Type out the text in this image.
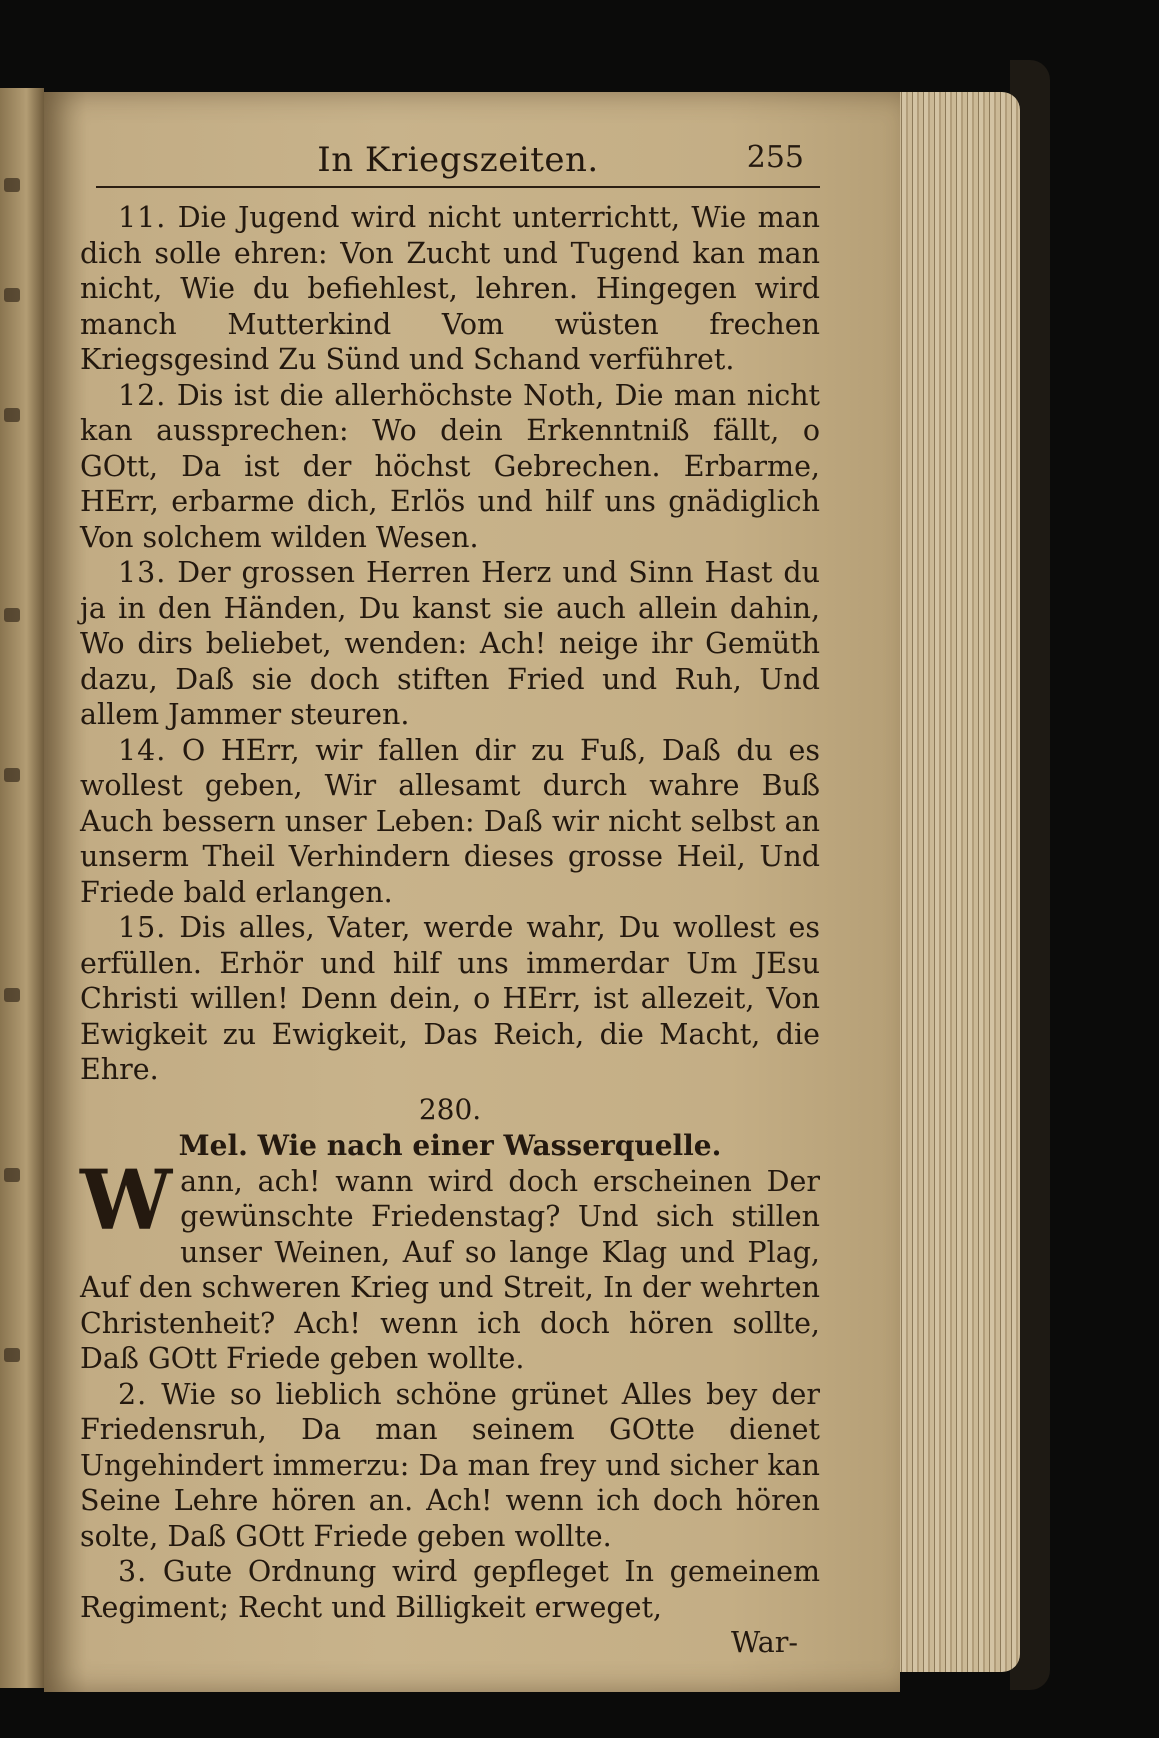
In Kriegszeiten.	255

11. Die Jugend wird nicht unterrichtt, Wie man dich solle ehren: Von Zucht und Tugend kan man nicht, Wie du befiehlest, lehren. Hingegen wird manch Mutterkind Vom wüsten frechen Kriegsgesind Zu Sünd und Schand verführet.

12. Dis ist die allerhöchste Noth, Die man nicht kan aussprechen: Wo dein Erkenntniß fällt, o GOtt, Da ist der höchst Gebrechen. Erbarme, HErr, erbarme dich, Erlös und hilf uns gnädiglich Von solchem wilden Wesen.

13. Der grossen Herren Herz und Sinn Hast du ja in den Händen, Du kanst sie auch allein dahin, Wo dirs beliebet, wenden: Ach! neige ihr Gemüth dazu, Daß sie doch stiften Fried und Ruh, Und allem Jammer steuren.

14. O HErr, wir fallen dir zu Fuß, Daß du es wollest geben, Wir allesamt durch wahre Buß Auch bessern unser Leben: Daß wir nicht selbst an unserm Theil Verhindern dieses grosse Heil, Und Friede bald erlangen.

15. Dis alles, Vater, werde wahr, Du wollest es erfüllen. Erhör und hilf uns immerdar Um JEsu Christi willen! Denn dein, o HErr, ist allezeit, Von Ewigkeit zu Ewigkeit, Das Reich, die Macht, die Ehre.

280.
Mel. Wie nach einer Wasserquelle.

Wann, ach! wann wird doch erscheinen Der gewünschte Friedenstag? Und sich stillen unser Weinen, Auf so lange Klag und Plag, Auf den schweren Krieg und Streit, In der wehrten Christenheit? Ach! wenn ich doch hören sollte, Daß GOtt Friede geben wollte.

2. Wie so lieblich schöne grünet Alles bey der Friedensruh, Da man seinem GOtte dienet Ungehindert immerzu: Da man frey und sicher kan Seine Lehre hören an. Ach! wenn ich doch hören solte, Daß GOtt Friede geben wollte.

3. Gute Ordnung wird gepfleget In gemeinem Regiment; Recht und Billigkeit erweget,

War-
